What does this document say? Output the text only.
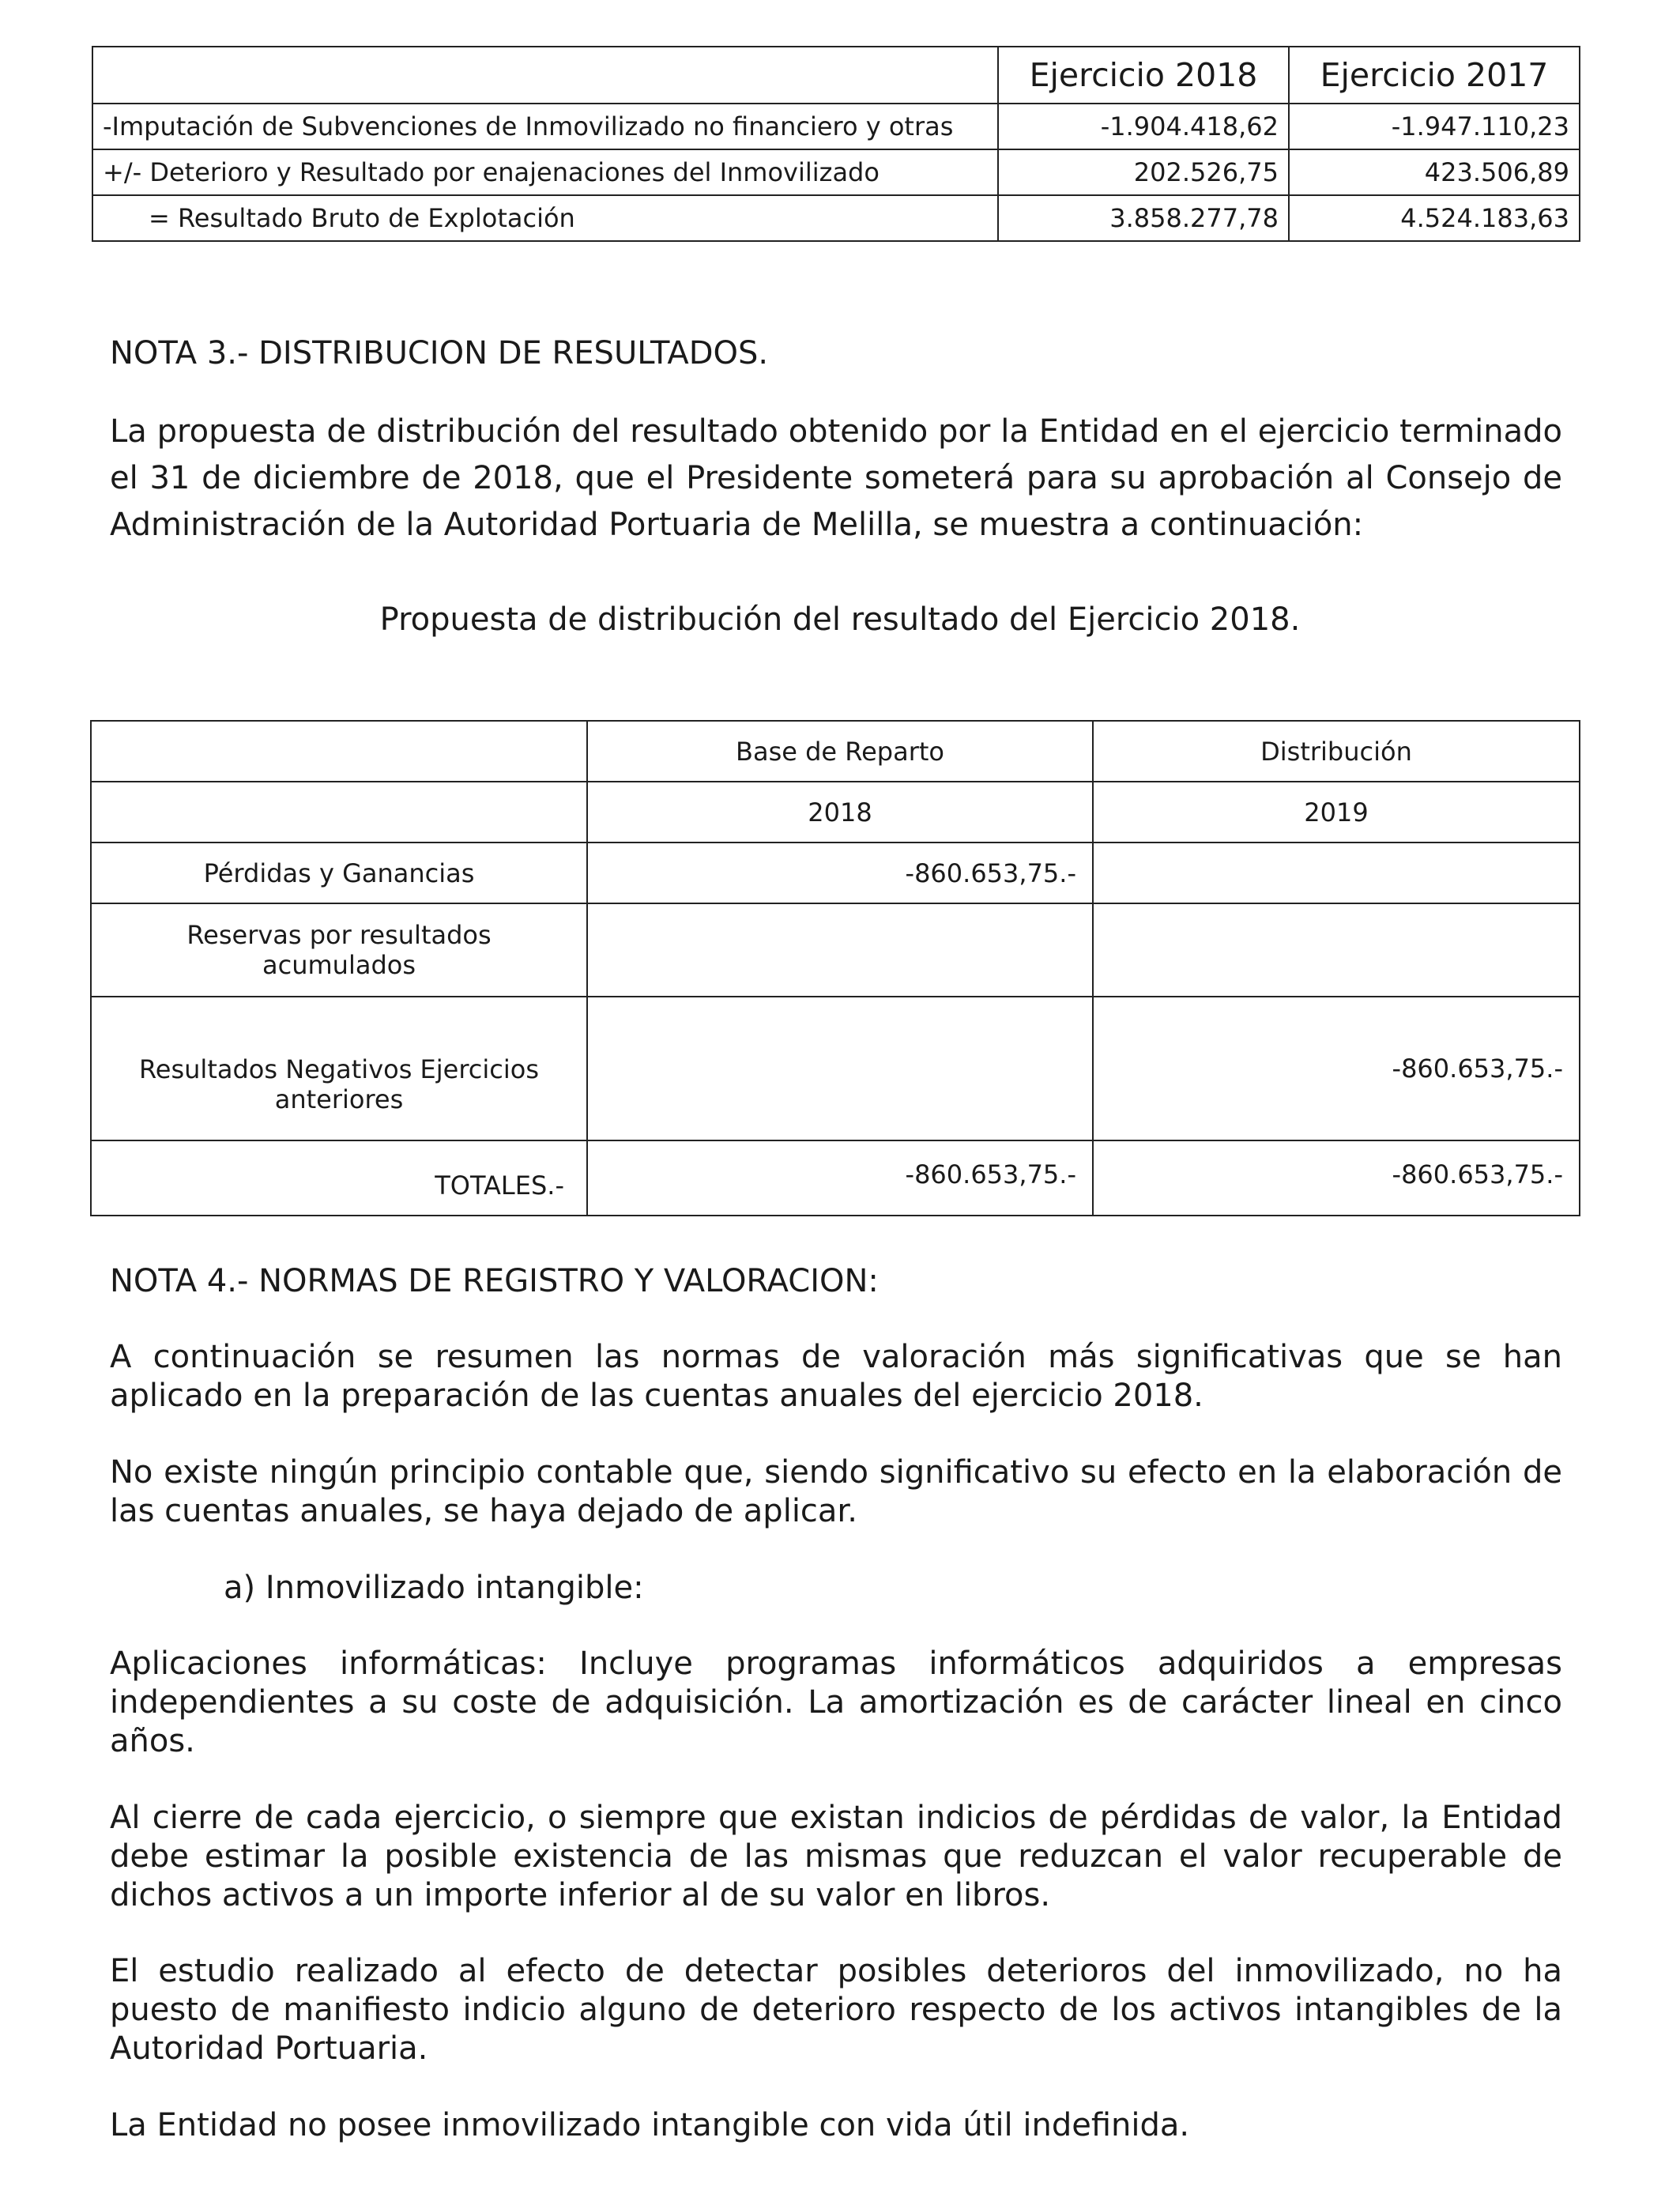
	Ejercicio 2018	Ejercicio 2017
-Imputación de Subvenciones de Inmovilizado no financiero y otras	-1.904.418,62	-1.947.110,23
+/- Deterioro y Resultado por enajenaciones del Inmovilizado	202.526,75	423.506,89
= Resultado Bruto de Explotación	3.858.277,78	4.524.183,63

NOTA 3.- DISTRIBUCION DE RESULTADOS.

La propuesta de distribución del resultado obtenido por la Entidad en el ejercicio terminado el 31 de diciembre de 2018, que el Presidente someterá para su aprobación al Consejo de Administración de la Autoridad Portuaria de Melilla, se muestra a continuación:

Propuesta de distribución del resultado del Ejercicio 2018.

	Base de Reparto	Distribución
	2018	2019
Pérdidas y Ganancias	-860.653,75.-	
Reservas por resultados acumulados		
Resultados Negativos Ejercicios anteriores		-860.653,75.-
TOTALES.-	-860.653,75.-	-860.653,75.-

NOTA 4.- NORMAS DE REGISTRO Y VALORACION:

A continuación se resumen las normas de valoración más significativas que se han aplicado en la preparación de las cuentas anuales del ejercicio 2018.

No existe ningún principio contable que, siendo significativo su efecto en la elaboración de las cuentas anuales, se haya dejado de aplicar.

a) Inmovilizado intangible:

Aplicaciones informáticas: Incluye programas informáticos adquiridos a empresas independientes a su coste de adquisición. La amortización es de carácter lineal en cinco años.

Al cierre de cada ejercicio, o siempre que existan indicios de pérdidas de valor, la Entidad debe estimar la posible existencia de las mismas que reduzcan el valor recuperable de dichos activos a un importe inferior al de su valor en libros.

El estudio realizado al efecto de detectar posibles deterioros del inmovilizado, no ha puesto de manifiesto indicio alguno de deterioro respecto de los activos intangibles de la Autoridad Portuaria.

La Entidad no posee inmovilizado intangible con vida útil indefinida.
